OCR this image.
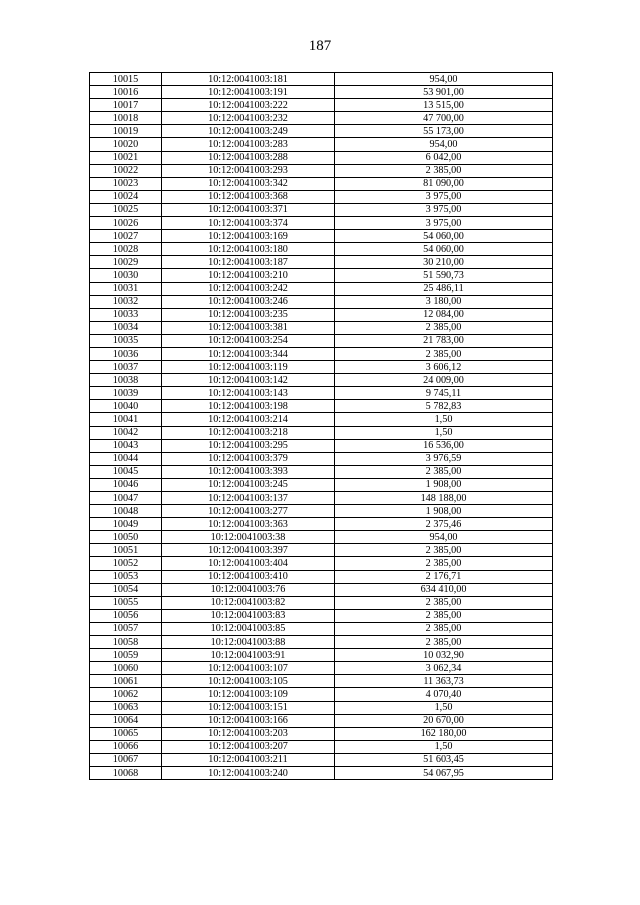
187
10015	10:12:0041003:181	954,00
10016	10:12:0041003:191	53 901,00
10017	10:12:0041003:222	13 515,00
10018	10:12:0041003:232	47 700,00
10019	10:12:0041003:249	55 173,00
10020	10:12:0041003:283	954,00
10021	10:12:0041003:288	6 042,00
10022	10:12:0041003:293	2 385,00
10023	10:12:0041003:342	81 090,00
10024	10:12:0041003:368	3 975,00
10025	10:12:0041003:371	3 975,00
10026	10:12:0041003:374	3 975,00
10027	10:12:0041003:169	54 060,00
10028	10:12:0041003:180	54 060,00
10029	10:12:0041003:187	30 210,00
10030	10:12:0041003:210	51 590,73
10031	10:12:0041003:242	25 486,11
10032	10:12:0041003:246	3 180,00
10033	10:12:0041003:235	12 084,00
10034	10:12:0041003:381	2 385,00
10035	10:12:0041003:254	21 783,00
10036	10:12:0041003:344	2 385,00
10037	10:12:0041003:119	3 606,12
10038	10:12:0041003:142	24 009,00
10039	10:12:0041003:143	9 745,11
10040	10:12:0041003:198	5 782,83
10041	10:12:0041003:214	1,50
10042	10:12:0041003:218	1,50
10043	10:12:0041003:295	16 536,00
10044	10:12:0041003:379	3 976,59
10045	10:12:0041003:393	2 385,00
10046	10:12:0041003:245	1 908,00
10047	10:12:0041003:137	148 188,00
10048	10:12:0041003:277	1 908,00
10049	10:12:0041003:363	2 375,46
10050	10:12:0041003:38	954,00
10051	10:12:0041003:397	2 385,00
10052	10:12:0041003:404	2 385,00
10053	10:12:0041003:410	2 176,71
10054	10:12:0041003:76	634 410,00
10055	10:12:0041003:82	2 385,00
10056	10:12:0041003:83	2 385,00
10057	10:12:0041003:85	2 385,00
10058	10:12:0041003:88	2 385,00
10059	10:12:0041003:91	10 032,90
10060	10:12:0041003:107	3 062,34
10061	10:12:0041003:105	11 363,73
10062	10:12:0041003:109	4 070,40
10063	10:12:0041003:151	1,50
10064	10:12:0041003:166	20 670,00
10065	10:12:0041003:203	162 180,00
10066	10:12:0041003:207	1,50
10067	10:12:0041003:211	51 603,45
10068	10:12:0041003:240	54 067,95
